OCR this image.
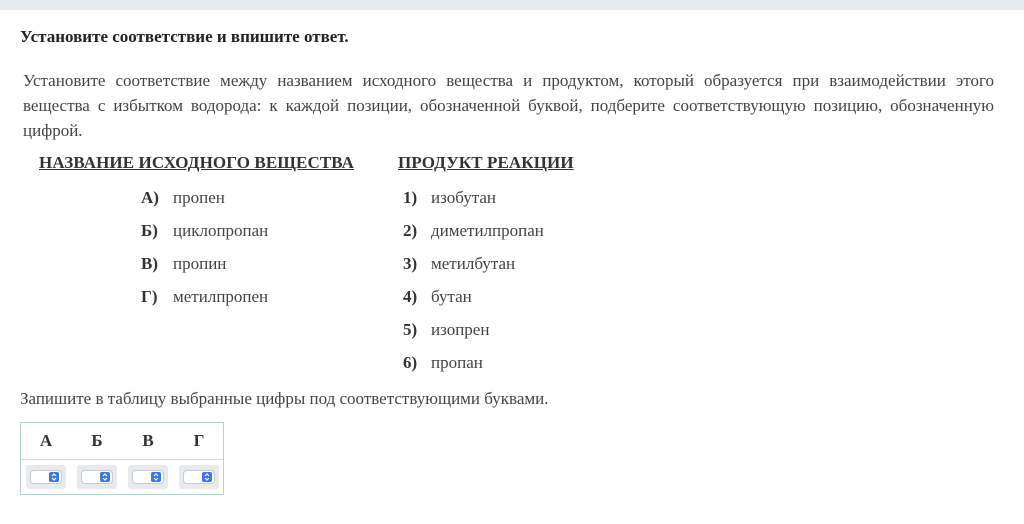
Установите соответствие и впишите ответ.
Установите соответствие между названием исходного вещества и продуктом, который образуется при взаимодействии этого вещества с избытком водорода: к каждой позиции, обозначенной буквой, подберите соответствующую позицию, обозначенную цифрой.
НАЗВАНИЕ ИСХОДНОГО ВЕЩЕСТВА	ПРОДУКТ РЕАКЦИИ
А) пропен
Б) циклопропан
В) пропин
Г) метилпропен
1) изобутан
2) диметилпропан
3) метилбутан
4) бутан
5) изопрен
6) пропан
Запишите в таблицу выбранные цифры под соответствующими буквами.
А	Б	В	Г
